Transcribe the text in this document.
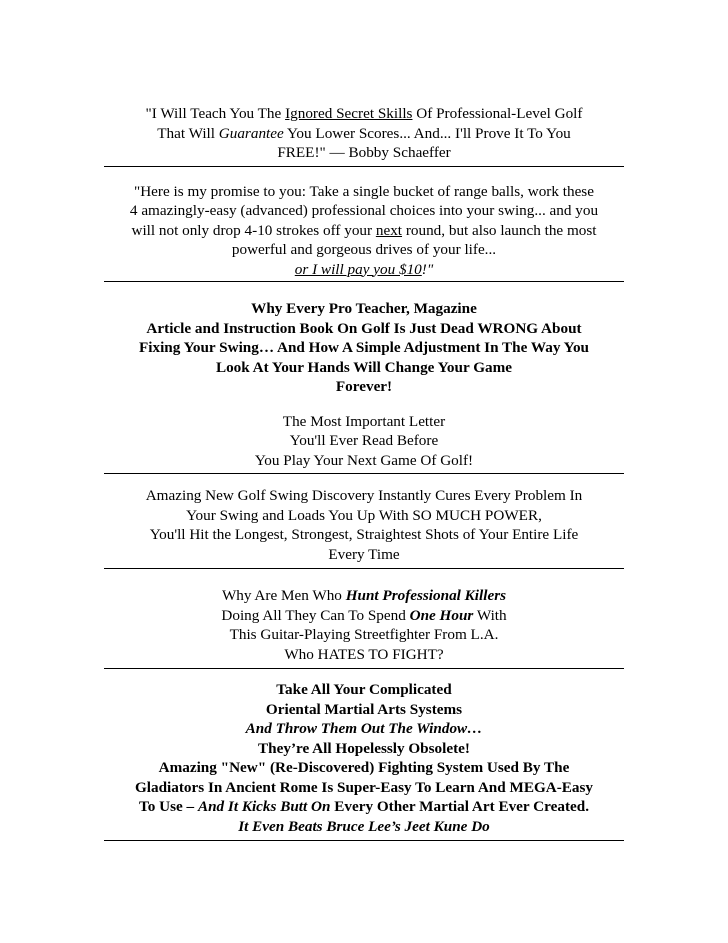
"I Will Teach You The Ignored Secret Skills Of Professional-Level Golf
That Will Guarantee You Lower Scores... And... I'll Prove It To You
FREE!" — Bobby Schaeffer
"Here is my promise to you: Take a single bucket of range balls, work these
4 amazingly-easy (advanced) professional choices into your swing... and you
will not only drop 4-10 strokes off your next round, but also launch the most
powerful and gorgeous drives of your life...
or I will pay you $10!"
Why Every Pro Teacher, Magazine
Article and Instruction Book On Golf Is Just Dead WRONG About
Fixing Your Swing… And How A Simple Adjustment In The Way You
Look At Your Hands Will Change Your Game
Forever!
The Most Important Letter
You'll Ever Read Before
You Play Your Next Game Of Golf!
Amazing New Golf Swing Discovery Instantly Cures Every Problem In
Your Swing and Loads You Up With SO MUCH POWER,
You'll Hit the Longest, Strongest, Straightest Shots of Your Entire Life
Every Time
Why Are Men Who Hunt Professional Killers
Doing All They Can To Spend One Hour With
This Guitar-Playing Streetfighter From L.A.
Who HATES TO FIGHT?
Take All Your Complicated
Oriental Martial Arts Systems
And Throw Them Out The Window…
They’re All Hopelessly Obsolete!
Amazing "New" (Re-Discovered) Fighting System Used By The
Gladiators In Ancient Rome Is Super-Easy To Learn And MEGA-Easy
To Use – And It Kicks Butt On Every Other Martial Art Ever Created.
It Even Beats Bruce Lee’s Jeet Kune Do
